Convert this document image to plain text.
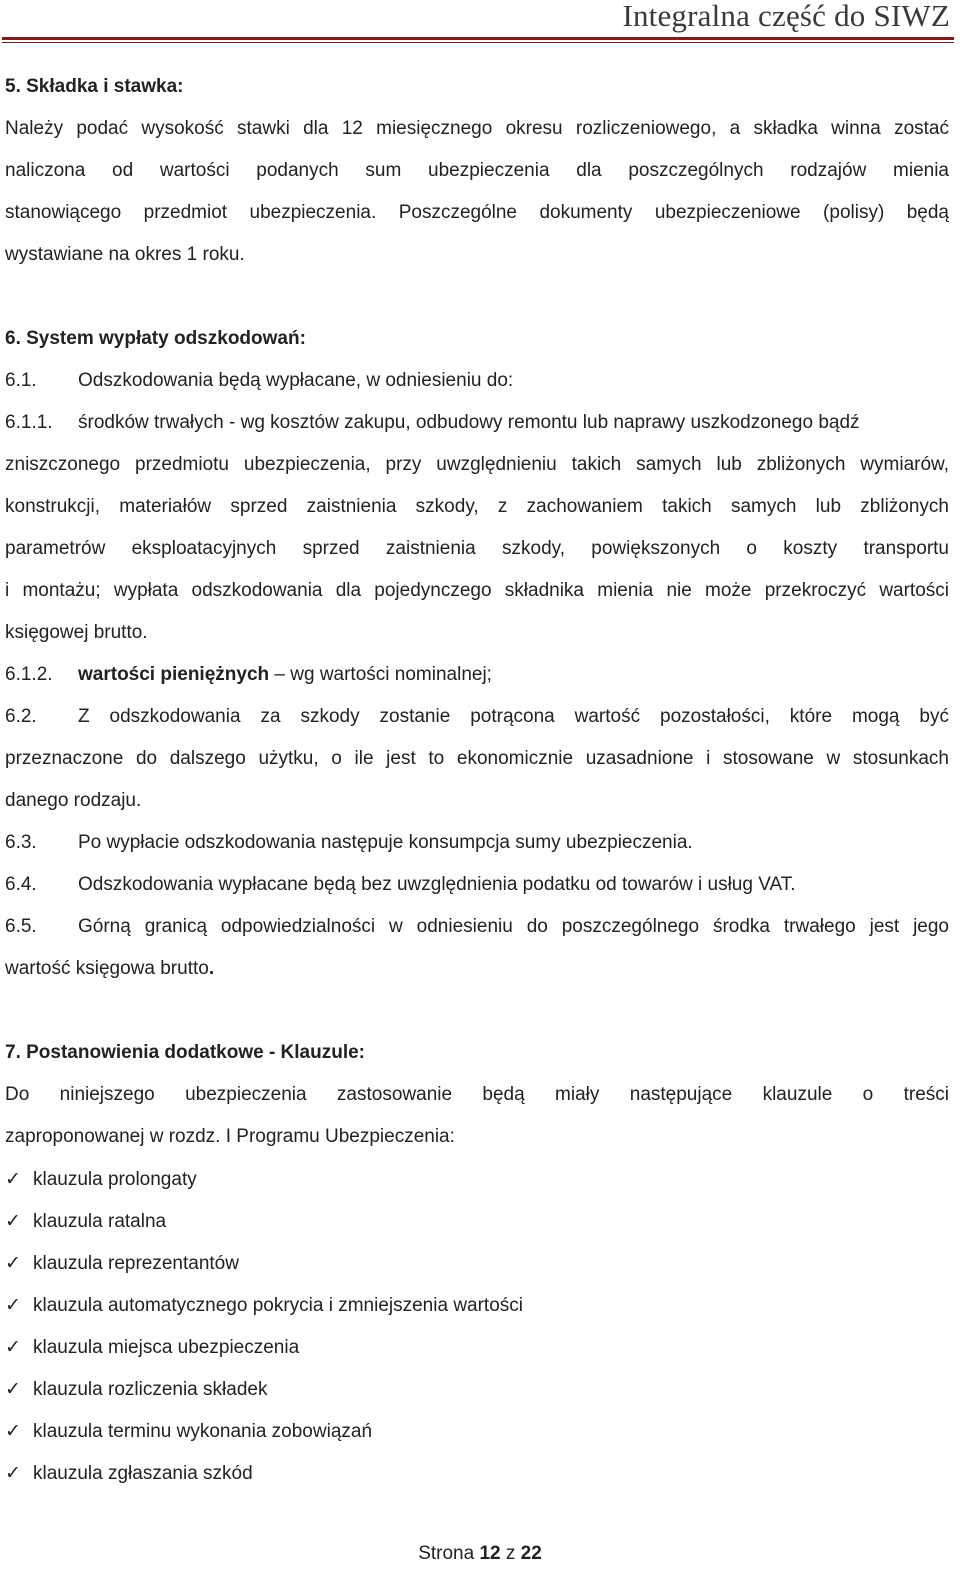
Integralna część do SIWZ
5. Składka i stawka:
Należy podać wysokość stawki dla 12 miesięcznego okresu rozliczeniowego, a składka winna zostać
naliczona od wartości podanych sum ubezpieczenia dla poszczególnych rodzajów mienia
stanowiącego przedmiot ubezpieczenia. Poszczególne dokumenty ubezpieczeniowe (polisy) będą
wystawiane na okres 1 roku.
6. System wypłaty odszkodowań:
6.1. Odszkodowania będą wypłacane, w odniesieniu do:
6.1.1. środków trwałych - wg kosztów zakupu, odbudowy remontu lub naprawy uszkodzonego bądź
zniszczonego przedmiotu ubezpieczenia, przy uwzględnieniu takich samych lub zbliżonych wymiarów,
konstrukcji, materiałów sprzed zaistnienia szkody, z zachowaniem takich samych lub zbliżonych
parametrów eksploatacyjnych sprzed zaistnienia szkody, powiększonych o koszty transportu
i montażu; wypłata odszkodowania dla pojedynczego składnika mienia nie może przekroczyć wartości
księgowej brutto.
6.1.2. wartości pieniężnych – wg wartości nominalnej;
6.2.	Z odszkodowania za szkody zostanie potrącona wartość pozostałości, które mogą być
przeznaczone do dalszego użytku, o ile jest to ekonomicznie uzasadnione i stosowane w stosunkach
danego rodzaju.
6.3. Po wypłacie odszkodowania następuje konsumpcja sumy ubezpieczenia.
6.4. Odszkodowania wypłacane będą bez uwzględnienia podatku od towarów i usług VAT.
6.5.	Górną granicą odpowiedzialności w odniesieniu do poszczególnego środka trwałego jest jego
wartość księgowa brutto.
7. Postanowienia dodatkowe - Klauzule:
Do niniejszego ubezpieczenia zastosowanie będą miały następujące klauzule o treści
zaproponowanej w rozdz. I Programu Ubezpieczenia:
✓ klauzula prolongaty
✓ klauzula ratalna
✓ klauzula reprezentantów
✓ klauzula automatycznego pokrycia i zmniejszenia wartości
✓ klauzula miejsca ubezpieczenia
✓ klauzula rozliczenia składek
✓ klauzula terminu wykonania zobowiązań
✓ klauzula zgłaszania szkód
Strona 12 z 22
